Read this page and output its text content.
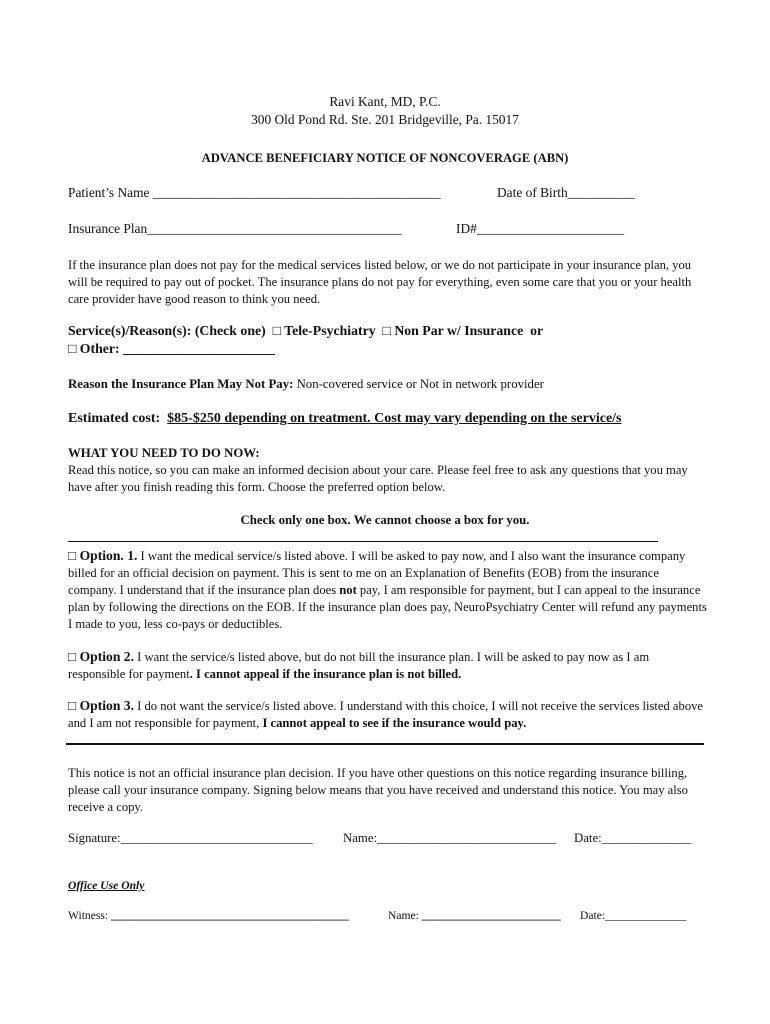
Ravi Kant, MD, P.C.
300 Old Pond Rd. Ste. 201 Bridgeville, Pa. 15017
ADVANCE BENEFICIARY NOTICE OF NONCOVERAGE (ABN)
Patient’s Name ___________________________________________	Date of Birth__________
Insurance Plan______________________________________	ID#______________________
If the insurance plan does not pay for the medical services listed below, or we do not participate in your insurance plan, you will be required to pay out of pocket. The insurance plans do not pay for everything, even some care that you or your health care provider have good reason to think you need.
Service(s)/Reason(s): (Check one) □ Tele-Psychiatry □ Non Par w/ Insurance or
□ Other: ______________________
Reason the Insurance Plan May Not Pay: Non-covered service or Not in network provider
Estimated cost: $85-$250 depending on treatment. Cost may vary depending on the service/s
WHAT YOU NEED TO DO NOW:
Read this notice, so you can make an informed decision about your care. Please feel free to ask any questions that you may have after you finish reading this form. Choose the preferred option below.
Check only one box. We cannot choose a box for you.
□ Option. 1. I want the medical service/s listed above. I will be asked to pay now, and I also want the insurance company billed for an official decision on payment. This is sent to me on an Explanation of Benefits (EOB) from the insurance company. I understand that if the insurance plan does not pay, I am responsible for payment, but I can appeal to the insurance plan by following the directions on the EOB. If the insurance plan does pay, NeuroPsychiatry Center will refund any payments I made to you, less co-pays or deductibles.
□ Option 2. I want the service/s listed above, but do not bill the insurance plan. I will be asked to pay now as I am responsible for payment. I cannot appeal if the insurance plan is not billed.
□ Option 3. I do not want the service/s listed above. I understand with this choice, I will not receive the services listed above and I am not responsible for payment, I cannot appeal to see if the insurance would pay.
This notice is not an official insurance plan decision. If you have other questions on this notice regarding insurance billing, please call your insurance company. Signing below means that you have received and understand this notice. You may also receive a copy.
Signature:______________________________ Name:____________________________ Date:______________
Office Use Only
Witness: _________________________________________	Name: ________________________ Date:______________
